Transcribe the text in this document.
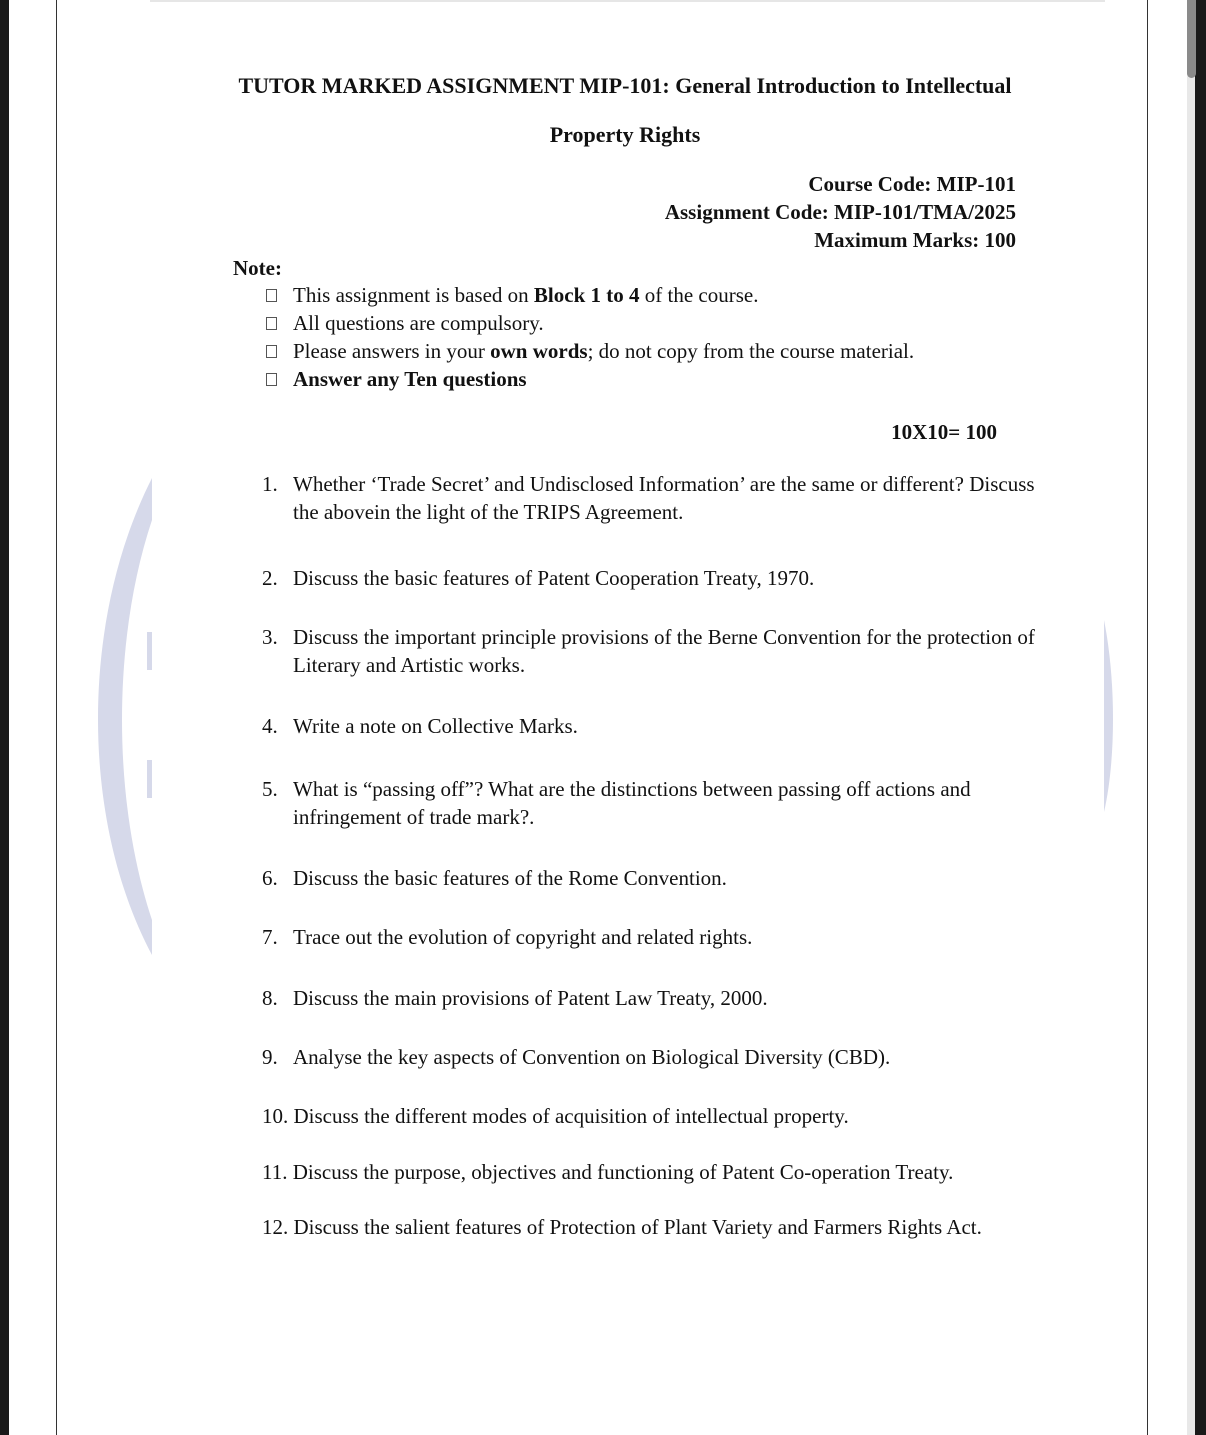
TUTOR MARKED ASSIGNMENT MIP-101: General Introduction to Intellectual
Property Rights
Course Code: MIP-101
Assignment Code: MIP-101/TMA/2025
Maximum Marks: 100
Note:
This assignment is based on Block 1 to 4 of the course.
All questions are compulsory.
Please answers in your own words; do not copy from the course material.
Answer any Ten questions
10X10= 100
1. Whether ‘Trade Secret’ and Undisclosed Information’ are the same or different? Discuss
the abovein the light of the TRIPS Agreement.
2. Discuss the basic features of Patent Cooperation Treaty, 1970.
3. Discuss the important principle provisions of the Berne Convention for the protection of
Literary and Artistic works.
4. Write a note on Collective Marks.
5. What is “passing off”? What are the distinctions between passing off actions and
infringement of trade mark?.
6. Discuss the basic features of the Rome Convention.
7. Trace out the evolution of copyright and related rights.
8. Discuss the main provisions of Patent Law Treaty, 2000.
9. Analyse the key aspects of Convention on Biological Diversity (CBD).
10. Discuss the different modes of acquisition of intellectual property.
11. Discuss the purpose, objectives and functioning of Patent Co-operation Treaty.
12. Discuss the salient features of Protection of Plant Variety and Farmers Rights Act.
